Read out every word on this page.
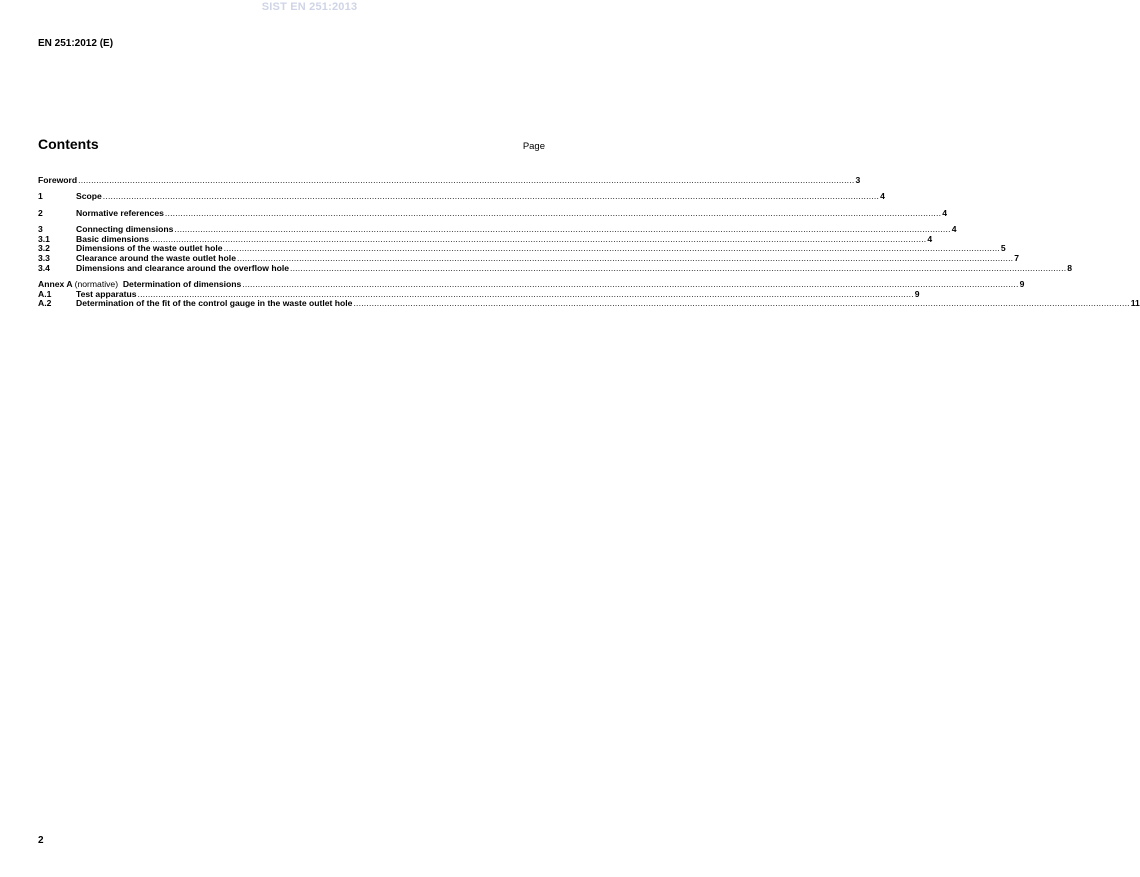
SIST EN 251:2013
EN 251:2012 (E)
Contents	Page
Foreword ............................................................................................................................................................................................................................................................................................................ 3
1	Scope ............................................................................................................................................................................................................................................................................................................ 4
2	Normative references ............................................................................................................................................................................................................................................................................................................ 4
3	Connecting dimensions ............................................................................................................................................................................................................................................................................................................ 4
3.1	Basic dimensions ............................................................................................................................................................................................................................................................................................................ 4
3.2	Dimensions of the waste outlet hole ............................................................................................................................................................................................................................................................................................................ 5
3.3	Clearance around the waste outlet hole ............................................................................................................................................................................................................................................................................................................ 7
3.4	Dimensions and clearance around the overflow hole ............................................................................................................................................................................................................................................................................................................ 8
Annex A (normative)  Determination of dimensions ............................................................................................................................................................................................................................................................................................................ 9
A.1	Test apparatus ............................................................................................................................................................................................................................................................................................................ 9
A.2	Determination of the fit of the control gauge in the waste outlet hole ............................................................................................................................................................................................................................................................................................................ 11
2
